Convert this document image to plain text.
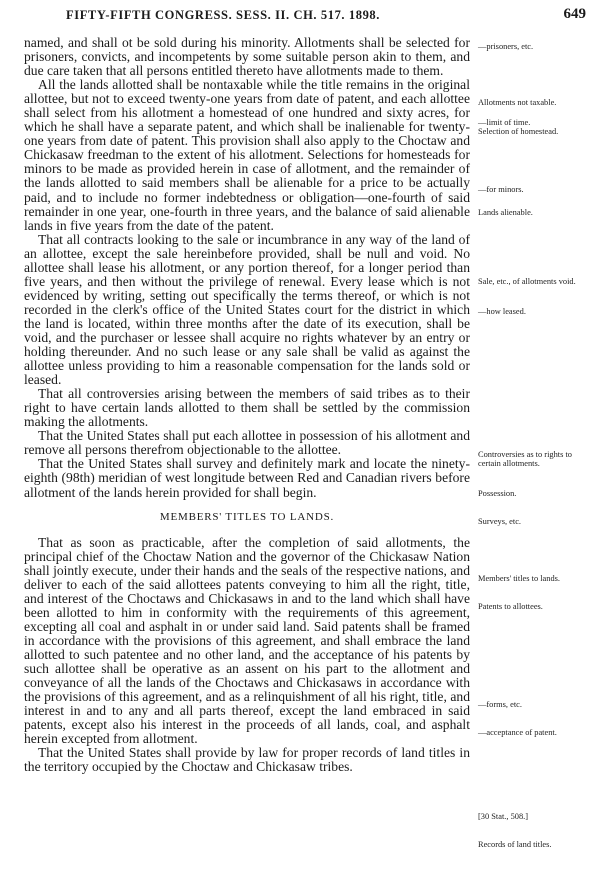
FIFTY-FIFTH CONGRESS. SESS. II. CH. 517. 1898.	649

named, and shall ot be sold during his minority. Allotments shall be selected for prisoners, convicts, and incompetents by some suitable person akin to them, and due care taken that all persons entitled thereto have allotments made to them.

All the lands allotted shall be nontaxable while the title remains in the original allottee, but not to exceed twenty-one years from date of patent, and each allottee shall select from his allotment a homestead of one hundred and sixty acres, for which he shall have a separate patent, and which shall be inalienable for twenty-one years from date of patent. This provision shall also apply to the Choctaw and Chickasaw freedman to the extent of his allotment. Selections for homesteads for minors to be made as provided herein in case of allotment, and the remainder of the lands allotted to said members shall be alienable for a price to be actually paid, and to include no former indebtedness or obligation—one-fourth of said remainder in one year, one-fourth in three years, and the balance of said alienable lands in five years from the date of the patent.

That all contracts looking to the sale or incumbrance in any way of the land of an allottee, except the sale hereinbefore provided, shall be null and void. No allottee shall lease his allotment, or any portion thereof, for a longer period than five years, and then without the privilege of renewal. Every lease which is not evidenced by writing, setting out specifically the terms thereof, or which is not recorded in the clerk's office of the United States court for the district in which the land is located, within three months after the date of its execution, shall be void, and the purchaser or lessee shall acquire no rights whatever by an entry or holding thereunder. And no such lease or any sale shall be valid as against the allottee unless providing to him a reasonable compensation for the lands sold or leased.

That all controversies arising between the members of said tribes as to their right to have certain lands allotted to them shall be settled by the commission making the allotments.

That the United States shall put each allottee in possession of his allotment and remove all persons therefrom objectionable to the allottee.

That the United States shall survey and definitely mark and locate the ninety-eighth (98th) meridian of west longitude between Red and Canadian rivers before allotment of the lands herein provided for shall begin.

MEMBERS' TITLES TO LANDS.

That as soon as practicable, after the completion of said allotments, the principal chief of the Choctaw Nation and the governor of the Chickasaw Nation shall jointly execute, under their hands and the seals of the respective nations, and deliver to each of the said allottees patents conveying to him all the right, title, and interest of the Choctaws and Chickasaws in and to the land which shall have been allotted to him in conformity with the requirements of this agreement, excepting all coal and asphalt in or under said land. Said patents shall be framed in accordance with the provisions of this agreement, and shall embrace the land allotted to such patentee and no other land, and the acceptance of his patents by such allottee shall be operative as an assent on his part to the allotment and conveyance of all the lands of the Choctaws and Chickasaws in accordance with the provisions of this agreement, and as a relinquishment of all his right, title, and interest in and to any and all parts thereof, except the land embraced in said patents, except also his interest in the proceeds of all lands, coal, and asphalt herein excepted from allotment.

That the United States shall provide by law for proper records of land titles in the territory occupied by the Choctaw and Chickasaw tribes.

—prisoners, etc.
Allotments not taxable.
—limit of time.
Selection of homestead.
—for minors.
Lands alienable.
Sale, etc., of allotments void.
—how leased.
Controversies as to rights to certain allotments.
Possession.
Surveys, etc.
Members' titles to lands.
Patents to allottees.
—forms, etc.
—acceptance of patent.
[30 Stat., 508.]
Records of land titles.
